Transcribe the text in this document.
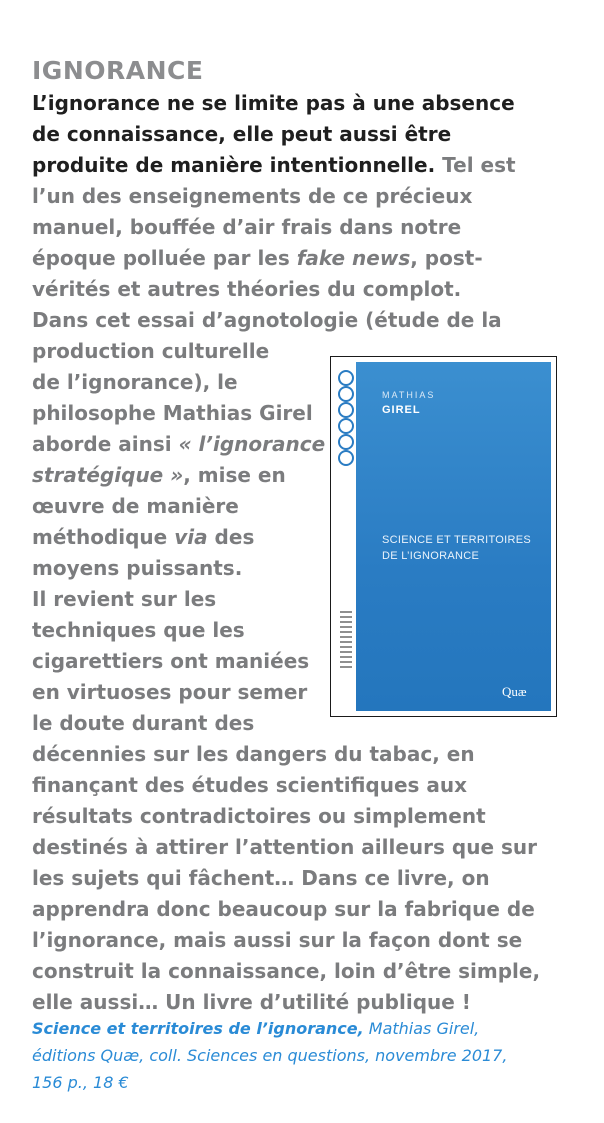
IGNORANCE
L’ignorance ne se limite pas à une absence
de connaissance, elle peut aussi être
produite de manière intentionnelle. Tel est
l’un des enseignements de ce précieux
manuel, bouffée d’air frais dans notre
époque polluée par les fake news, post-
vérités et autres théories du complot.
Dans cet essai d’agnotologie (étude de la
production culturelle
de l’ignorance), le
philosophe Mathias Girel
aborde ainsi « l’ignorance
stratégique », mise en
œuvre de manière
méthodique via des
moyens puissants.
Il revient sur les
techniques que les
cigarettiers ont maniées
en virtuoses pour semer
le doute durant des
décennies sur les dangers du tabac, en
finançant des études scientifiques aux
résultats contradictoires ou simplement
destinés à attirer l’attention ailleurs que sur
les sujets qui fâchent… Dans ce livre, on
apprendra donc beaucoup sur la fabrique de
l’ignorance, mais aussi sur la façon dont se
construit la connaissance, loin d’être simple,
elle aussi… Un livre d’utilité publique !
MATHIAS
GIREL
SCIENCE ET TERRITOIRES
DE L’IGNORANCE
Quæ
Science et territoires de l’ignorance, Mathias Girel,
éditions Quæ, coll. Sciences en questions, novembre 2017,
156 p., 18 €
